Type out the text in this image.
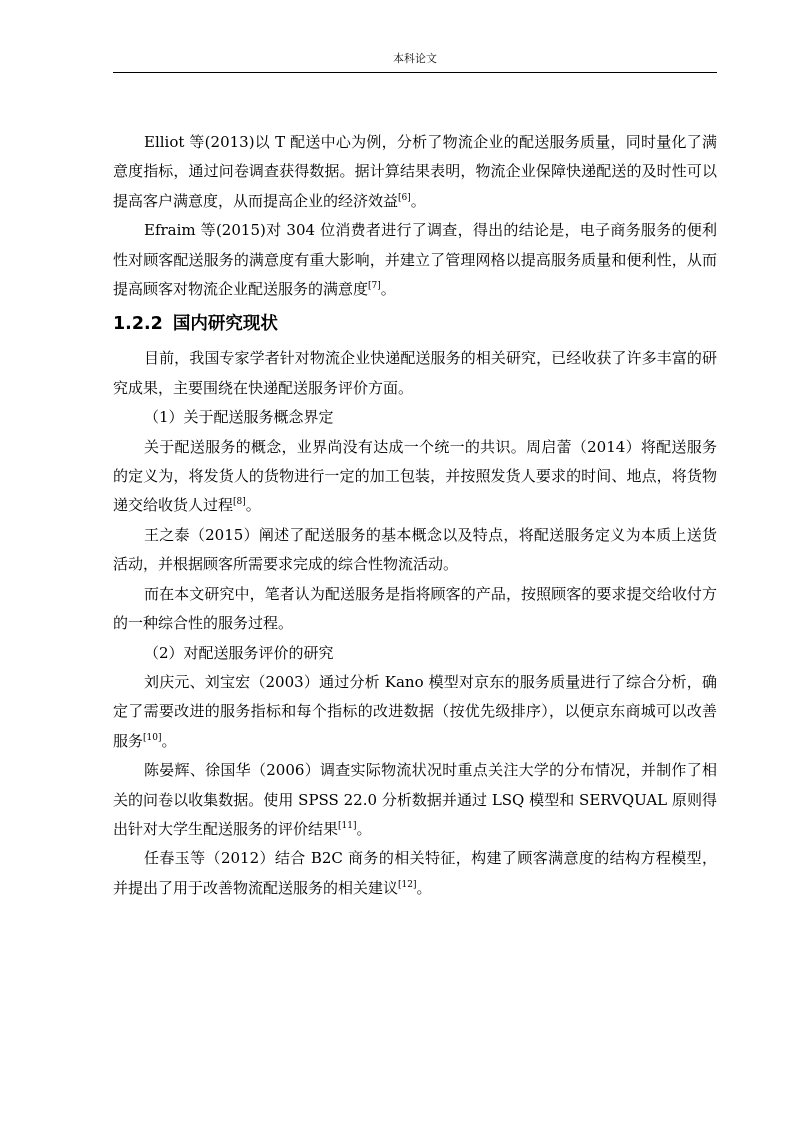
本科论文

Elliot 等(2013)以 T 配送中心为例，分析了物流企业的配送服务质量，同时量化了满意度指标，通过问卷调查获得数据。据计算结果表明，物流企业保障快递配送的及时性可以提高客户满意度，从而提高企业的经济效益[6]。

Efraim 等(2015)对 304 位消费者进行了调查，得出的结论是，电子商务服务的便利性对顾客配送服务的满意度有重大影响，并建立了管理网格以提高服务质量和便利性，从而提高顾客对物流企业配送服务的满意度[7]。

1.2.2 国内研究现状

目前，我国专家学者针对物流企业快递配送服务的相关研究，已经收获了许多丰富的研究成果，主要围绕在快递配送服务评价方面。

（1）关于配送服务概念界定

关于配送服务的概念，业界尚没有达成一个统一的共识。周启蕾（2014）将配送服务的定义为，将发货人的货物进行一定的加工包装，并按照发货人要求的时间、地点，将货物递交给收货人过程[8]。

王之泰（2015）阐述了配送服务的基本概念以及特点，将配送服务定义为本质上送货活动，并根据顾客所需要求完成的综合性物流活动。

而在本文研究中，笔者认为配送服务是指将顾客的产品，按照顾客的要求提交给收付方的一种综合性的服务过程。

（2）对配送服务评价的研究

刘庆元、刘宝宏（2003）通过分析 Kano 模型对京东的服务质量进行了综合分析，确定了需要改进的服务指标和每个指标的改进数据（按优先级排序），以便京东商城可以改善服务[10]。

陈晏辉、徐国华（2006）调查实际物流状况时重点关注大学的分布情况，并制作了相关的问卷以收集数据。使用 SPSS 22.0 分析数据并通过 LSQ 模型和 SERVQUAL 原则得出针对大学生配送服务的评价结果[11]。

任春玉等（2012）结合 B2C 商务的相关特征，构建了顾客满意度的结构方程模型，并提出了用于改善物流配送服务的相关建议[12]。
